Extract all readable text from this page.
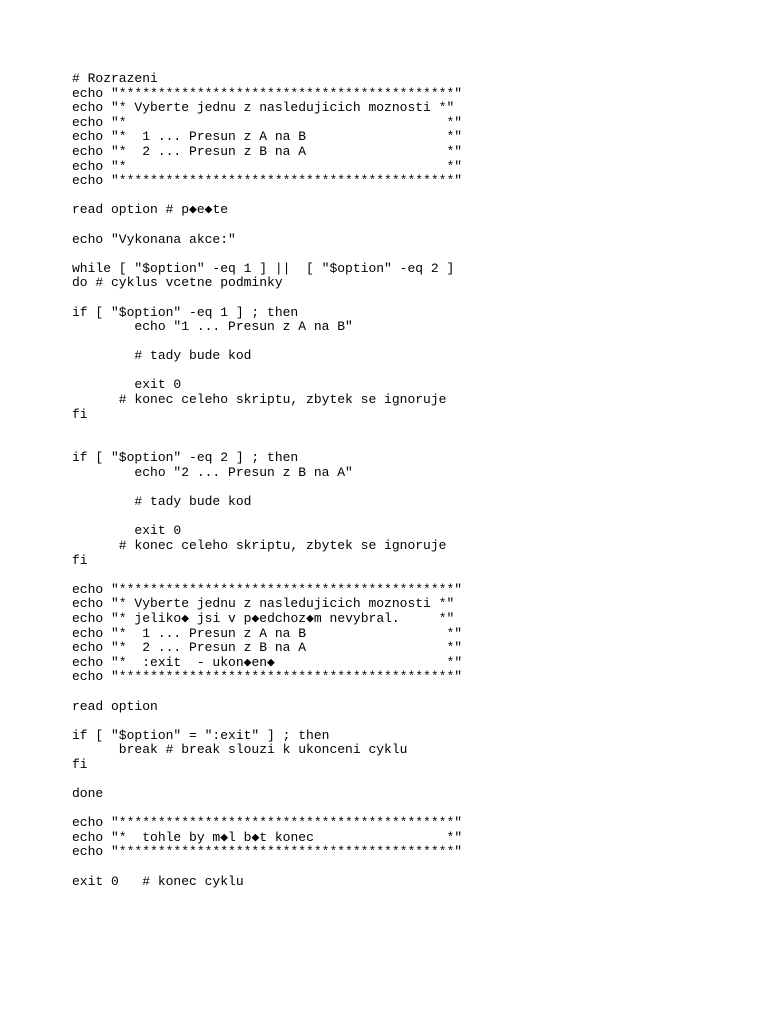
# Rozrazeni
echo "*******************************************"
echo "* Vyberte jednu z nasledujicich moznosti *"
echo "*                                         *"
echo "*  1 ... Presun z A na B                  *"
echo "*  2 ... Presun z B na A                  *"
echo "*                                         *"
echo "*******************************************"
read option # p◆e◆te
echo "Vykonana akce:"
while [ "$option" -eq 1 ] ||  [ "$option" -eq 2 ]
do # cyklus vcetne podminky
if [ "$option" -eq 1 ] ; then
echo "1 ... Presun z A na B"
# tady bude kod
exit 0
# konec celeho skriptu, zbytek se ignoruje
fi
if [ "$option" -eq 2 ] ; then
echo "2 ... Presun z B na A"
# tady bude kod
exit 0
# konec celeho skriptu, zbytek se ignoruje
fi
echo "*******************************************"
echo "* Vyberte jednu z nasledujicich moznosti *"
echo "* jeliko◆ jsi v p◆edchoz◆m nevybral.     *"
echo "*  1 ... Presun z A na B                  *"
echo "*  2 ... Presun z B na A                  *"
echo "*  :exit  - ukon◆en◆                      *"
echo "*******************************************"
read option
if [ "$option" = ":exit" ] ; then
break # break slouzi k ukonceni cyklu
fi
done
echo "*******************************************"
echo "*  tohle by m◆l b◆t konec                 *"
echo "*******************************************"
exit 0   # konec cyklu
